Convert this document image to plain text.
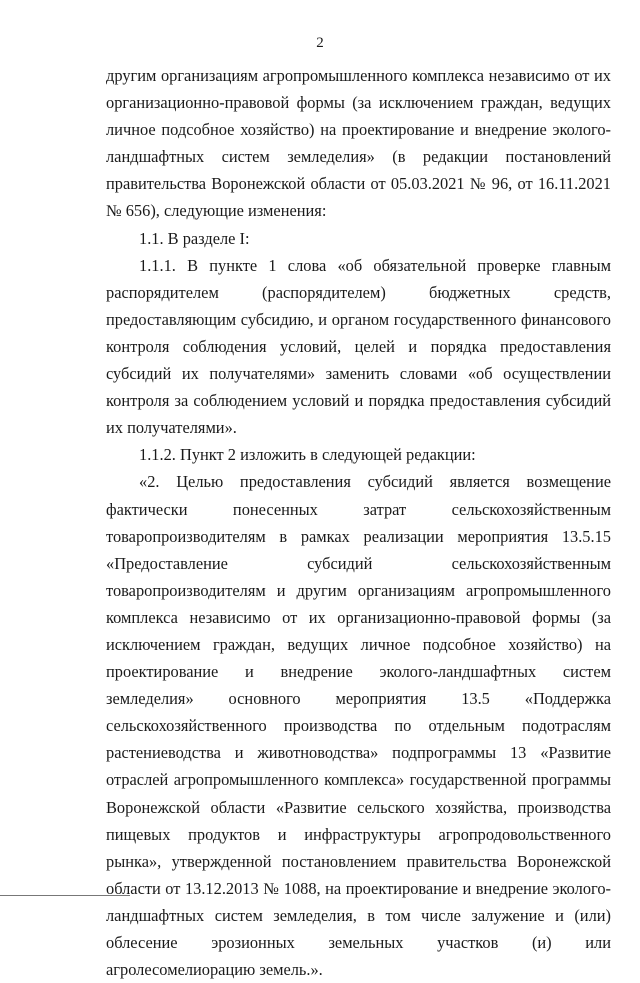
2

другим организациям агропромышленного комплекса независимо от их организационно-правовой формы (за исключением граждан, ведущих личное подсобное хозяйство) на проектирование и внедрение эколого-ландшафтных систем земледелия» (в редакции постановлений правительства Воронежской области от 05.03.2021 № 96, от 16.11.2021 № 656), следующие изменения:

1.1. В разделе I:

1.1.1. В пункте 1 слова «об обязательной проверке главным распорядителем (распорядителем) бюджетных средств, предоставляющим субсидию, и органом государственного финансового контроля соблюдения условий, целей и порядка предоставления субсидий их получателями» заменить словами «об осуществлении контроля за соблюдением условий и порядка предоставления субсидий их получателями».

1.1.2. Пункт 2 изложить в следующей редакции:

«2. Целью предоставления субсидий является возмещение фактически понесенных затрат сельскохозяйственным товаропроизводителям в рамках реализации мероприятия 13.5.15 «Предоставление субсидий сельскохозяйственным товаропроизводителям и другим организациям агропромышленного комплекса независимо от их организационно-правовой формы (за исключением граждан, ведущих личное подсобное хозяйство) на проектирование и внедрение эколого-ландшафтных систем земледелия» основного мероприятия 13.5 «Поддержка сельскохозяйственного производства по отдельным подотраслям растениеводства и животноводства» подпрограммы 13 «Развитие отраслей агропромышленного комплекса» государственной программы Воронежской области «Развитие сельского хозяйства, производства пищевых продуктов и инфраструктуры агропродовольственного рынка», утвержденной постановлением правительства Воронежской области от 13.12.2013 № 1088, на проектирование и внедрение эколого-ландшафтных систем земледелия, в том числе залужение и (или) облесение эрозионных земельных участков (и) или агролесомелиорацию земель.».
